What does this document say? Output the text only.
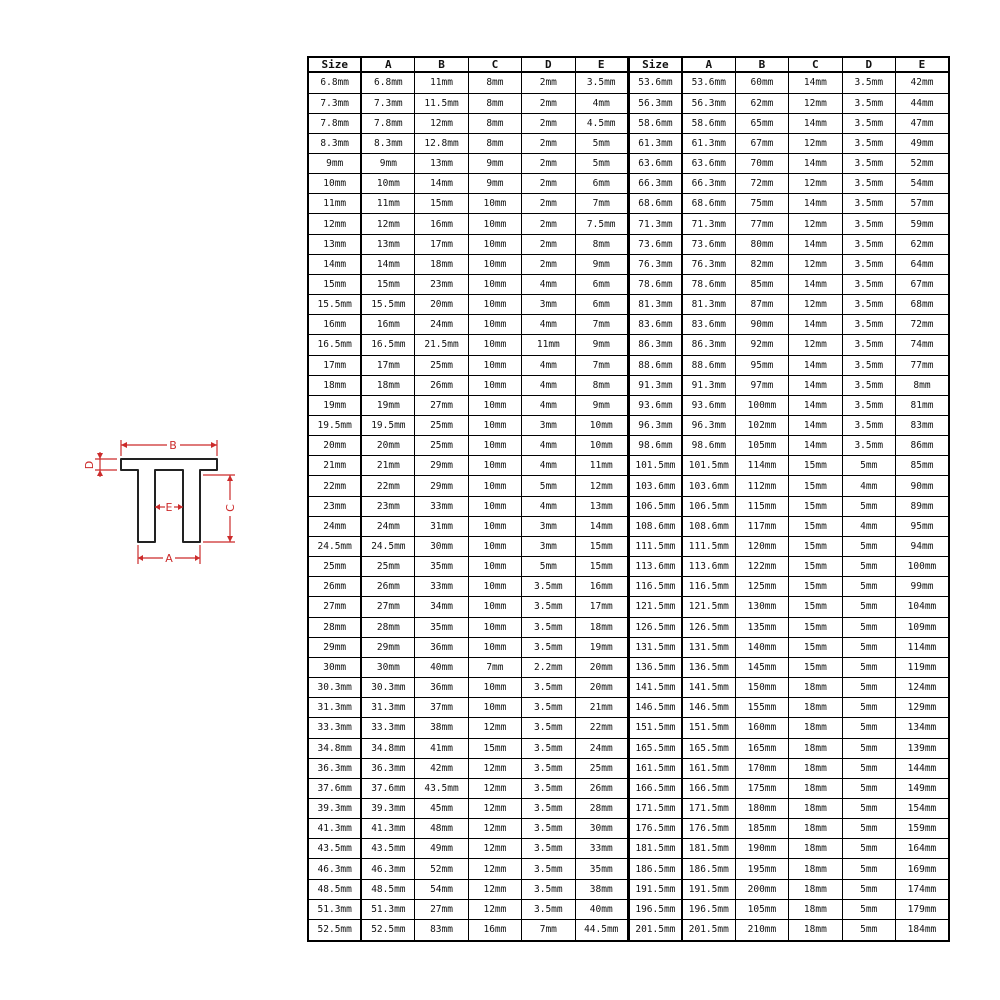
B
D
E	C
A
Size	A	B	C	D	E	Size	A	B	C	D	E
6.8mm	6.8mm	11mm	8mm	2mm	3.5mm	53.6mm	53.6mm	60mm	14mm	3.5mm	42mm
7.3mm	7.3mm	11.5mm	8mm	2mm	4mm	56.3mm	56.3mm	62mm	12mm	3.5mm	44mm
7.8mm	7.8mm	12mm	8mm	2mm	4.5mm	58.6mm	58.6mm	65mm	14mm	3.5mm	47mm
8.3mm	8.3mm	12.8mm	8mm	2mm	5mm	61.3mm	61.3mm	67mm	12mm	3.5mm	49mm
9mm	9mm	13mm	9mm	2mm	5mm	63.6mm	63.6mm	70mm	14mm	3.5mm	52mm
10mm	10mm	14mm	9mm	2mm	6mm	66.3mm	66.3mm	72mm	12mm	3.5mm	54mm
11mm	11mm	15mm	10mm	2mm	7mm	68.6mm	68.6mm	75mm	14mm	3.5mm	57mm
12mm	12mm	16mm	10mm	2mm	7.5mm	71.3mm	71.3mm	77mm	12mm	3.5mm	59mm
13mm	13mm	17mm	10mm	2mm	8mm	73.6mm	73.6mm	80mm	14mm	3.5mm	62mm
14mm	14mm	18mm	10mm	2mm	9mm	76.3mm	76.3mm	82mm	12mm	3.5mm	64mm
15mm	15mm	23mm	10mm	4mm	6mm	78.6mm	78.6mm	85mm	14mm	3.5mm	67mm
15.5mm	15.5mm	20mm	10mm	3mm	6mm	81.3mm	81.3mm	87mm	12mm	3.5mm	68mm
16mm	16mm	24mm	10mm	4mm	7mm	83.6mm	83.6mm	90mm	14mm	3.5mm	72mm
16.5mm	16.5mm	21.5mm	10mm	11mm	9mm	86.3mm	86.3mm	92mm	12mm	3.5mm	74mm
17mm	17mm	25mm	10mm	4mm	7mm	88.6mm	88.6mm	95mm	14mm	3.5mm	77mm
18mm	18mm	26mm	10mm	4mm	8mm	91.3mm	91.3mm	97mm	14mm	3.5mm	8mm
19mm	19mm	27mm	10mm	4mm	9mm	93.6mm	93.6mm	100mm	14mm	3.5mm	81mm
19.5mm	19.5mm	25mm	10mm	3mm	10mm	96.3mm	96.3mm	102mm	14mm	3.5mm	83mm
20mm	20mm	25mm	10mm	4mm	10mm	98.6mm	98.6mm	105mm	14mm	3.5mm	86mm
21mm	21mm	29mm	10mm	4mm	11mm	101.5mm	101.5mm	114mm	15mm	5mm	85mm
22mm	22mm	29mm	10mm	5mm	12mm	103.6mm	103.6mm	112mm	15mm	4mm	90mm
23mm	23mm	33mm	10mm	4mm	13mm	106.5mm	106.5mm	115mm	15mm	5mm	89mm
24mm	24mm	31mm	10mm	3mm	14mm	108.6mm	108.6mm	117mm	15mm	4mm	95mm
24.5mm	24.5mm	30mm	10mm	3mm	15mm	111.5mm	111.5mm	120mm	15mm	5mm	94mm
25mm	25mm	35mm	10mm	5mm	15mm	113.6mm	113.6mm	122mm	15mm	5mm	100mm
26mm	26mm	33mm	10mm	3.5mm	16mm	116.5mm	116.5mm	125mm	15mm	5mm	99mm
27mm	27mm	34mm	10mm	3.5mm	17mm	121.5mm	121.5mm	130mm	15mm	5mm	104mm
28mm	28mm	35mm	10mm	3.5mm	18mm	126.5mm	126.5mm	135mm	15mm	5mm	109mm
29mm	29mm	36mm	10mm	3.5mm	19mm	131.5mm	131.5mm	140mm	15mm	5mm	114mm
30mm	30mm	40mm	7mm	2.2mm	20mm	136.5mm	136.5mm	145mm	15mm	5mm	119mm
30.3mm	30.3mm	36mm	10mm	3.5mm	20mm	141.5mm	141.5mm	150mm	18mm	5mm	124mm
31.3mm	31.3mm	37mm	10mm	3.5mm	21mm	146.5mm	146.5mm	155mm	18mm	5mm	129mm
33.3mm	33.3mm	38mm	12mm	3.5mm	22mm	151.5mm	151.5mm	160mm	18mm	5mm	134mm
34.8mm	34.8mm	41mm	15mm	3.5mm	24mm	165.5mm	165.5mm	165mm	18mm	5mm	139mm
36.3mm	36.3mm	42mm	12mm	3.5mm	25mm	161.5mm	161.5mm	170mm	18mm	5mm	144mm
37.6mm	37.6mm	43.5mm	12mm	3.5mm	26mm	166.5mm	166.5mm	175mm	18mm	5mm	149mm
39.3mm	39.3mm	45mm	12mm	3.5mm	28mm	171.5mm	171.5mm	180mm	18mm	5mm	154mm
41.3mm	41.3mm	48mm	12mm	3.5mm	30mm	176.5mm	176.5mm	185mm	18mm	5mm	159mm
43.5mm	43.5mm	49mm	12mm	3.5mm	33mm	181.5mm	181.5mm	190mm	18mm	5mm	164mm
46.3mm	46.3mm	52mm	12mm	3.5mm	35mm	186.5mm	186.5mm	195mm	18mm	5mm	169mm
48.5mm	48.5mm	54mm	12mm	3.5mm	38mm	191.5mm	191.5mm	200mm	18mm	5mm	174mm
51.3mm	51.3mm	27mm	12mm	3.5mm	40mm	196.5mm	196.5mm	105mm	18mm	5mm	179mm
52.5mm	52.5mm	83mm	16mm	7mm	44.5mm	201.5mm	201.5mm	210mm	18mm	5mm	184mm
